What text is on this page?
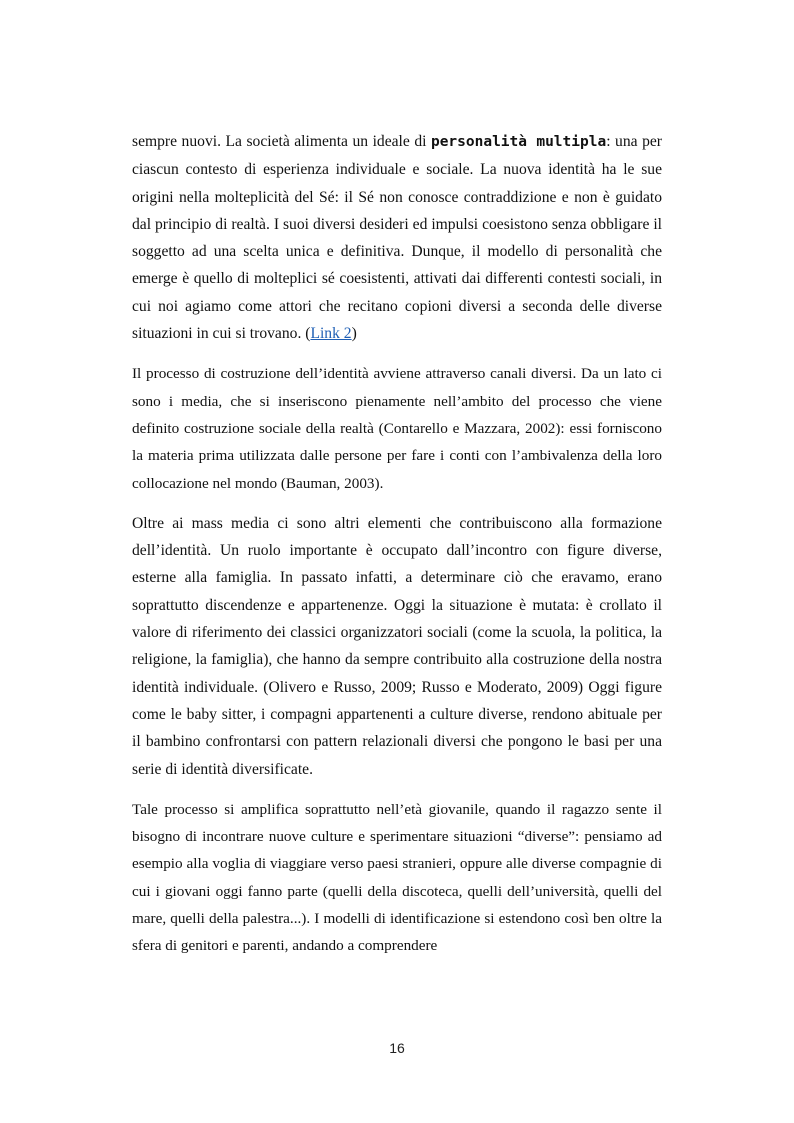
sempre nuovi. La società alimenta un ideale di personalità multipla: una per ciascun contesto di esperienza individuale e sociale. La nuova identità ha le sue origini nella molteplicità del Sé: il Sé non conosce contraddizione e non è guidato dal principio di realtà. I suoi diversi desideri ed impulsi coesistono senza obbligare il soggetto ad una scelta unica e definitiva. Dunque, il modello di personalità che emerge è quello di molteplici sé coesistenti, attivati dai differenti contesti sociali, in cui noi agiamo come attori che recitano copioni diversi a seconda delle diverse situazioni in cui si trovano. (Link 2)

Il processo di costruzione dell’identità avviene attraverso canali diversi. Da un lato ci sono i media, che si inseriscono pienamente nell’ambito del processo che viene definito costruzione sociale della realtà (Contarello e Mazzara, 2002): essi forniscono la materia prima utilizzata dalle persone per fare i conti con l’ambivalenza della loro collocazione nel mondo (Bauman, 2003).

Oltre ai mass media ci sono altri elementi che contribuiscono alla formazione dell’identità. Un ruolo importante è occupato dall’incontro con figure diverse, esterne alla famiglia. In passato infatti, a determinare ciò che eravamo, erano soprattutto discendenze e appartenenze. Oggi la situazione è mutata: è crollato il valore di riferimento dei classici organizzatori sociali (come la scuola, la politica, la religione, la famiglia), che hanno da sempre contribuito alla costruzione della nostra identità individuale. (Olivero e Russo, 2009; Russo e Moderato, 2009) Oggi figure come le baby sitter, i compagni appartenenti a culture diverse, rendono abituale per il bambino confrontarsi con pattern relazionali diversi che pongono le basi per una serie di identità diversificate.

Tale processo si amplifica soprattutto nell’età giovanile, quando il ragazzo sente il bisogno di incontrare nuove culture e sperimentare situazioni “diverse”: pensiamo ad esempio alla voglia di viaggiare verso paesi stranieri, oppure alle diverse compagnie di cui i giovani oggi fanno parte (quelli della discoteca, quelli dell’università, quelli del mare, quelli della palestra...). I modelli di identificazione si estendono così ben oltre la sfera di genitori e parenti, andando a comprendere

16
